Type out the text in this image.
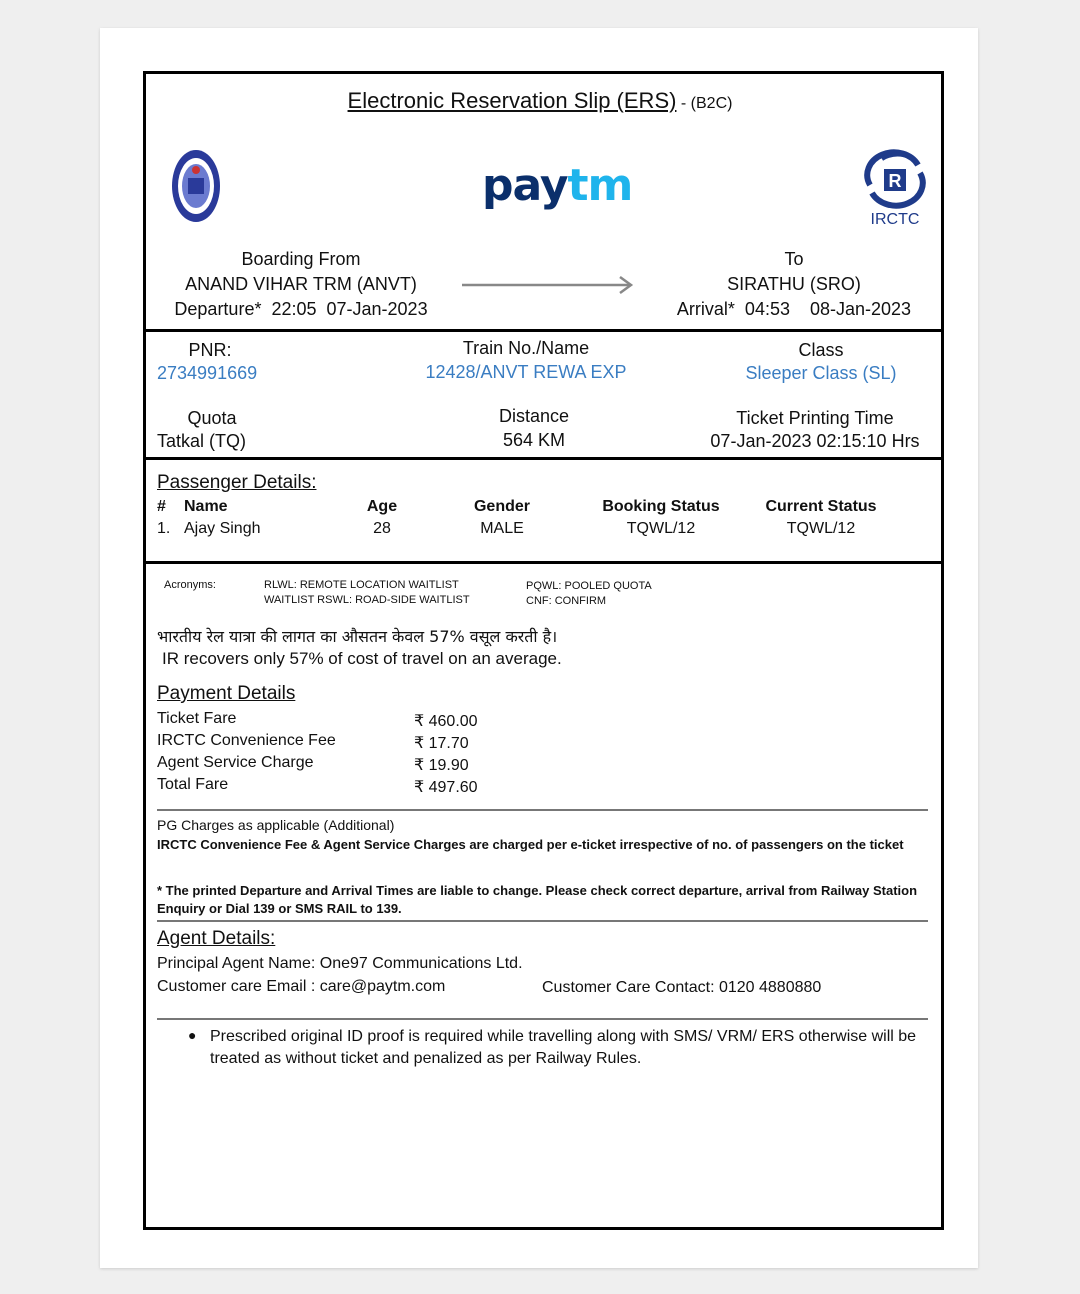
Electronic Reservation Slip (ERS) - (B2C)
paytm	R
IRCTC
Boarding From
ANAND VIHAR TRM (ANVT)
Departure*  22:05  07-Jan-2023
To
SIRATHU (SRO)
Arrival*  04:53    08-Jan-2023
PNR:
2734991669
Train No./Name
12428/ANVT REWA EXP
Class
Sleeper Class (SL)
Quota
Tatkal (TQ)
Distance
564 KM
Ticket Printing Time
07-Jan-2023 02:15:10 Hrs
Passenger Details:
# Name	Age	Gender	Booking Status	Current Status
1. Ajay Singh	28	MALE	TQWL/12	TQWL/12
Acronyms:	RLWL: REMOTE LOCATION WAITLIST
WAITLIST RSWL: ROAD-SIDE WAITLIST
PQWL: POOLED QUOTA
CNF: CONFIRM
भारतीय रेल यात्रा की लागत का औसतन केवल 57% वसूल करती है।
IR recovers only 57% of cost of travel on an average.
Payment Details
Ticket Fare	₹ 460.00
IRCTC Convenience Fee	₹ 17.70
Agent Service Charge	₹ 19.90
Total Fare	₹ 497.60
PG Charges as applicable (Additional)
IRCTC Convenience Fee & Agent Service Charges are charged per e-ticket irrespective of no. of passengers on the ticket
* The printed Departure and Arrival Times are liable to change. Please check correct departure, arrival from Railway Station Enquiry or Dial 139 or SMS RAIL to 139.
Agent Details:
Principal Agent Name: One97 Communications Ltd.
Customer care Email : care@paytm.com	Customer Care Contact: 0120 4880880
● Prescribed original ID proof is required while travelling along with SMS/ VRM/ ERS otherwise will be treated as without ticket and penalized as per Railway Rules.
